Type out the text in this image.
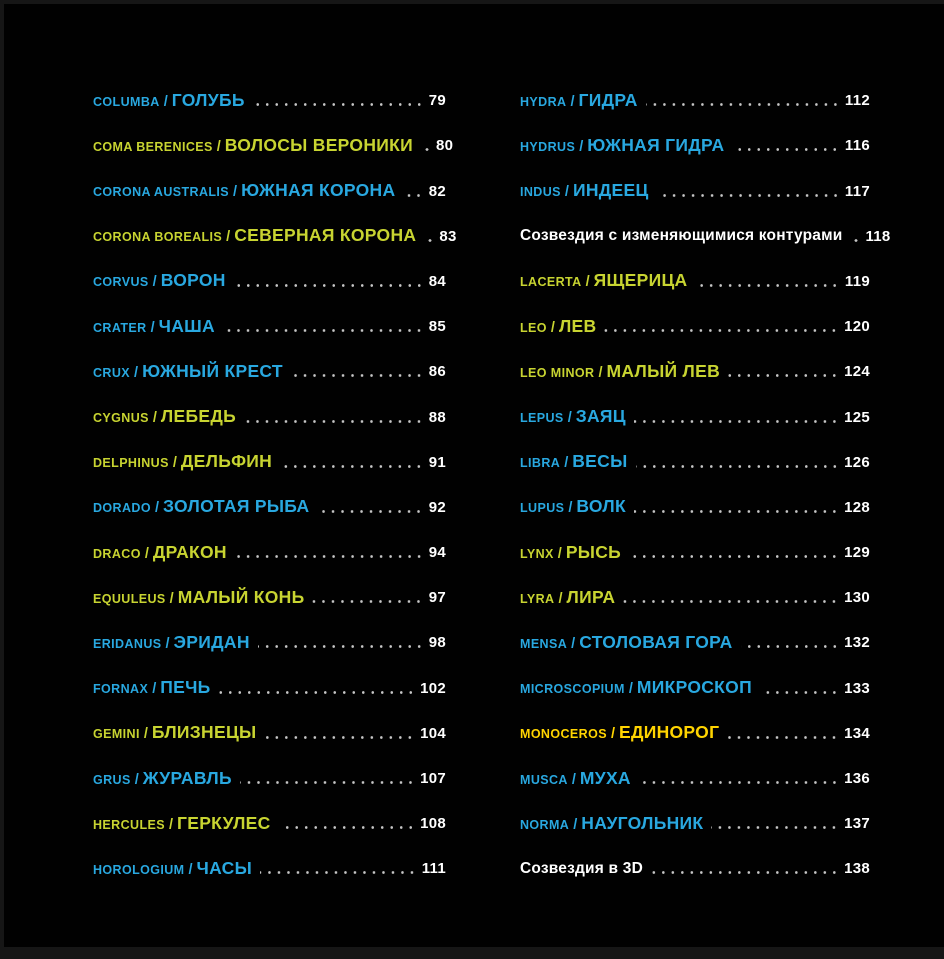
COLUMBA / ГОЛУБЬ	79
COMA BERENICES / ВОЛОСЫ ВЕРОНИКИ 80
CORONA AUSTRALIS / ЮЖНАЯ КОРОНА 82
CORONA BOREALIS / СЕВЕРНАЯ КОРОНА 83
CORVUS / ВОРОН	84
CRATER / ЧАША	85
CRUX / ЮЖНЫЙ КРЕСТ	86
CYGNUS / ЛЕБЕДЬ	88
DELPHINUS / ДЕЛЬФИН	91
DORADO / ЗОЛОТАЯ РЫБА	92
DRACO / ДРАКОН	94
EQUULEUS / МАЛЫЙ КОНЬ	97
ERIDANUS / ЭРИДАН	98
FORNAX / ПЕЧЬ	102
GEMINI / БЛИЗНЕЦЫ	104
GRUS / ЖУРАВЛЬ	107
HERCULES / ГЕРКУЛЕС	108
HOROLOGIUM / ЧАСЫ	111
HYDRA / ГИДРА	112
HYDRUS / ЮЖНАЯ ГИДРА	116
INDUS / ИНДЕЕЦ	117
Созвездия с изменяющимися контурами 118
LACERTA / ЯЩЕРИЦА	119
LEO / ЛЕВ	120
LEO MINOR / МАЛЫЙ ЛЕВ	124
LEPUS / ЗАЯЦ	125
LIBRA / ВЕСЫ	126
LUPUS / ВОЛК	128
LYNX / РЫСЬ	129
LYRA / ЛИРА	130
MENSA / СТОЛОВАЯ ГОРА	132
MICROSCOPIUM / МИКРОСКОП	133
MONOCEROS / ЕДИНОРОГ	134
MUSCA / МУХА	136
NORMA / НАУГОЛЬНИК	137
Созвездия в 3D	138
